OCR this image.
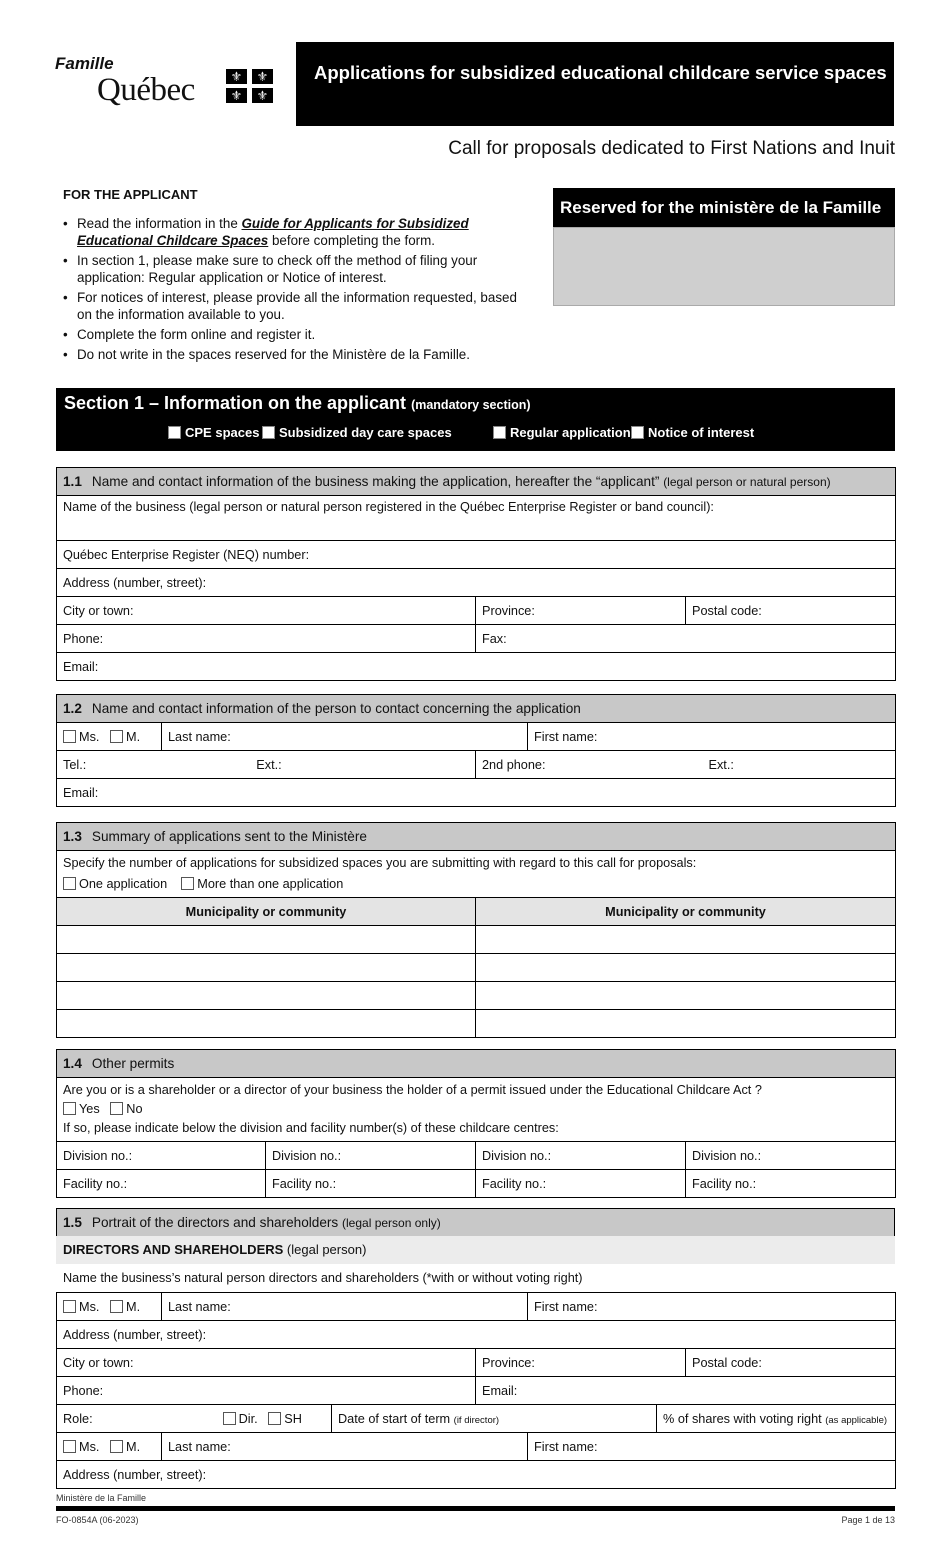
Famille
Québec	⚜	⚜
⚜	⚜
Applications for subsidized educational childcare service spaces
Call for proposals dedicated to First Nations and Inuit
FOR THE APPLICANT
• Read the information in the Guide for Applicants for Subsidized Educational Childcare Spaces before completing the form.
• In section 1, please make sure to check off the method of filing your application: Regular application or Notice of interest.
• For notices of interest, please provide all the information requested, based on the information available to you.
• Complete the form online and register it.
• Do not write in the spaces reserved for the Ministère de la Famille.
Reserved for the ministère de la Famille
Section 1 – Information on the applicant (mandatory section)
CPE spaces Subsidized day care spaces	Regular application Notice of interest
1.1 Name and contact information of the business making the application, hereafter the “applicant” (legal person or natural person)		
Name of the business (legal person or natural person registered in the Québec Enterprise Register or band council):		
Québec Enterprise Register (NEQ) number:		
Address (number, street):		
City or town:	Province:	Postal code:
Phone:	Fax:	
Email:		
1.2 Name and contact information of the person to contact concerning the application			
Ms. M.	Last name:		First name:
Tel.: Ext.:		2nd phone: Ext.:	
Email:			
1.3 Summary of applications sent to the Ministère	

Specify the number of applications for subsidized spaces you are submitting with regard to this call for proposals:
One application More than one application	

Municipality or community	Municipality or community

1.4 Other permits			

Are you or is a shareholder or a director of your business the holder of a permit issued under the Educational Childcare Act ?
Yes No
If so, please indicate below the division and facility number(s) of these childcare centres:			

Division no.:	Division no.:	Division no.:	Division no.:
Facility no.:	Facility no.:	Facility no.:	Facility no.:
1.5 Portrait of the directors and shareholders (legal person only)
DIRECTORS AND SHAREHOLDERS (legal person)
Name the business’s natural person directors and shareholders (*with or without voting right)
Ms. M.	Last name:			First name:		
Address (number, street):						
City or town:			Province:			Postal code:
Phone:			Email:			
Role: Dir. SH		Date of start of term (if director)			% of shares with voting right (as applicable)	
Ms. M.	Last name:			First name:		
Address (number, street):						
Ministère de la Famille
FO-0854A (06-2023)	Page 1 de 13
